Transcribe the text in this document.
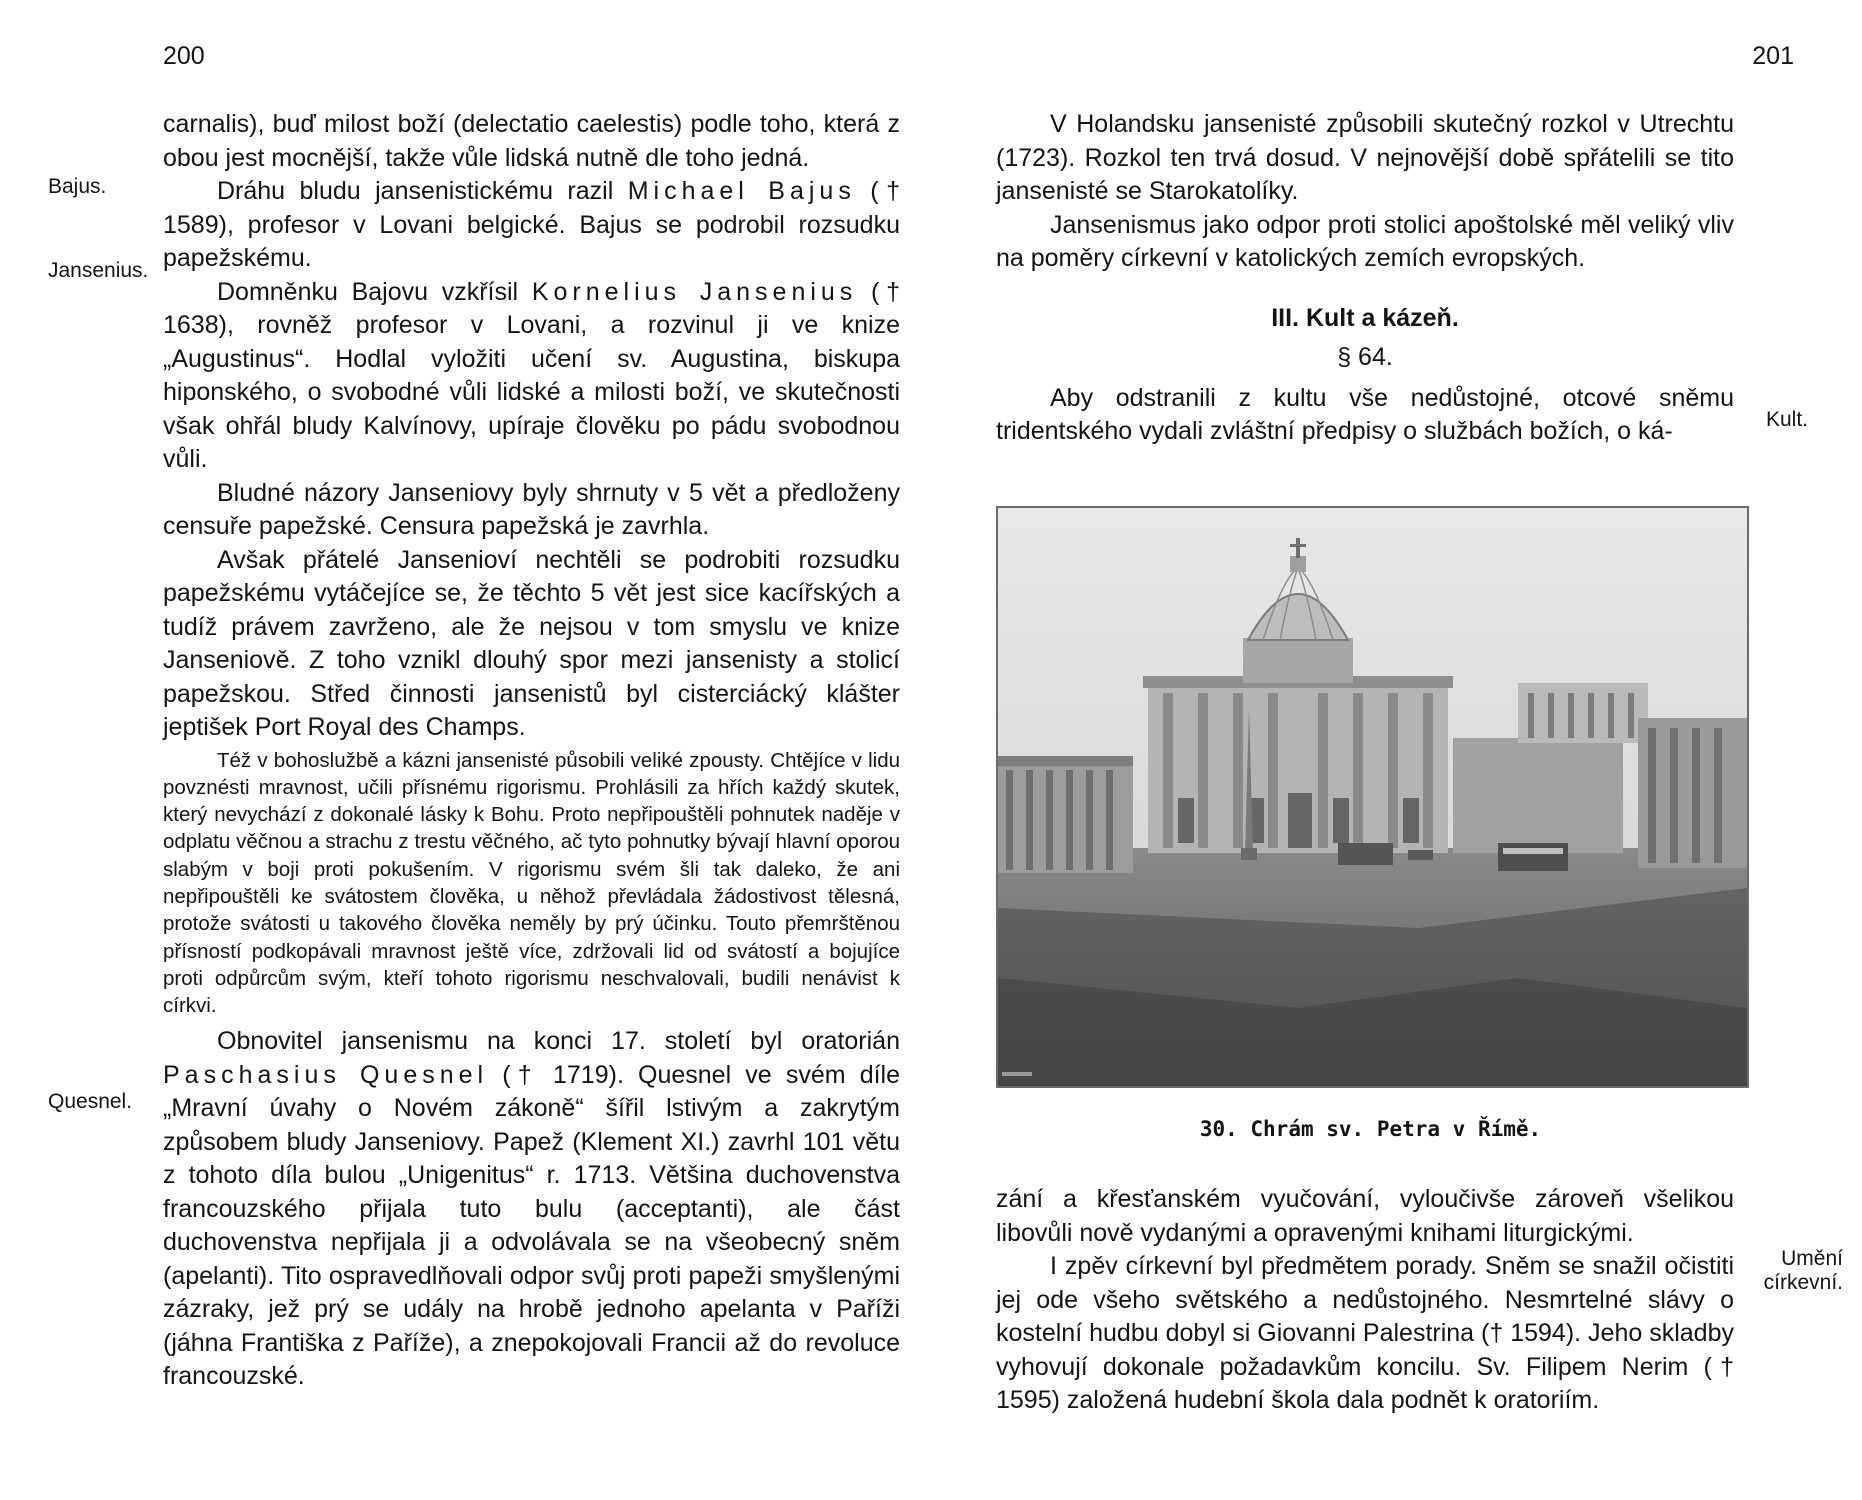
200
Bajus.
Jansenius.
Quesnel.

carnalis), buď milost boží (delectatio caelestis) podle toho, která z obou jest mocnější, takže vůle lidská nutně dle toho jedná.

Dráhu bludu jansenistickému razil Michael Bajus († 1589), profesor v Lovani belgické. Bajus se podrobil rozsudku papežskému.

Domněnku Bajovu vzkřísil Kornelius Jansenius († 1638), rovněž profesor v Lovani, a rozvinul ji ve knize „Augustinus“. Hodlal vyložiti učení sv. Augustina, biskupa hiponského, o svobodné vůli lidské a milosti boží, ve skutečnosti však ohřál bludy Kalvínovy, upíraje člověku po pádu svobodnou vůli.

Bludné názory Janseniovy byly shrnuty v 5 vět a předloženy censuře papežské. Censura papežská je zavrhla.

Avšak přátelé Jansenioví nechtěli se podrobiti rozsudku papežskému vytáčejíce se, že těchto 5 vět jest sice kacířských a tudíž právem zavrženo, ale že nejsou v tom smyslu ve knize Janseniově. Z toho vznikl dlouhý spor mezi jansenisty a stolicí papežskou. Střed činnosti jansenistů byl cisterciácký klášter jeptišek Port Royal des Champs.

Též v bohoslužbě a kázni jansenisté působili veliké zpousty. Chtějíce v lidu povznésti mravnost, učili přísnému rigorismu. Prohlásili za hřích každý skutek, který nevychází z dokonalé lásky k Bohu. Proto nepřipouštěli pohnutek naděje v odplatu věčnou a strachu z trestu věčného, ač tyto pohnutky bývají hlavní oporou slabým v boji proti pokušením. V rigorismu svém šli tak daleko, že ani nepřipouštěli ke svátostem člověka, u něhož převládala žádostivost tělesná, protože svátosti u takového člověka neměly by prý účinku. Touto přemrštěnou přísností podkopávali mravnost ještě více, zdržovali lid od svátostí a bojujíce proti odpůrcům svým, kteří tohoto rigorismu neschvalovali, budili nenávist k církvi.

Obnovitel jansenismu na konci 17. století byl oratorián Paschasius Quesnel († 1719). Quesnel ve svém díle „Mravní úvahy o Novém zákoně“ šířil lstivým a zakrytým způsobem bludy Janseniovy. Papež (Klement XI.) zavrhl 101 větu z tohoto díla bulou „Unigenitus“ r. 1713. Většina duchovenstva francouzského přijala tuto bulu (acceptanti), ale část duchovenstva nepřijala ji a odvolávala se na všeobecný sněm (apelanti). Tito ospravedlňovali odpor svůj proti papeži smyšlenými zázraky, jež prý se udály na hrobě jednoho apelanta v Paříži (jáhna Františka z Paříže), a znepokojovali Francii až do revoluce francouzské.

201
Kult.
Umění
církevní.

V Holandsku jansenisté způsobili skutečný rozkol v Utrechtu (1723). Rozkol ten trvá dosud. V nejnovější době spřátelili se tito jansenisté se Starokatolíky.

Jansenismus jako odpor proti stolici apoštolské měl veliký vliv na poměry církevní v katolických zemích evropských.

III. Kult a kázeň.
§ 64.

Aby odstranili z kultu vše nedůstojné, otcové sněmu tridentského vydali zvláštní předpisy o službách božích, o ká-

30. Chrám sv. Petra v Římě.

zání a křesťanském vyučování, vyloučivše zároveň všelikou libovůli nově vydanými a opravenými knihami liturgickými.

I zpěv církevní byl předmětem porady. Sněm se snažil očistiti jej ode všeho světského a nedůstojného. Nesmrtelné slávy o kostelní hudbu dobyl si Giovanni Palestrina († 1594). Jeho skladby vyhovují dokonale požadavkům koncilu. Sv. Filipem Nerim († 1595) založená hudební škola dala podnět k oratoriím.
